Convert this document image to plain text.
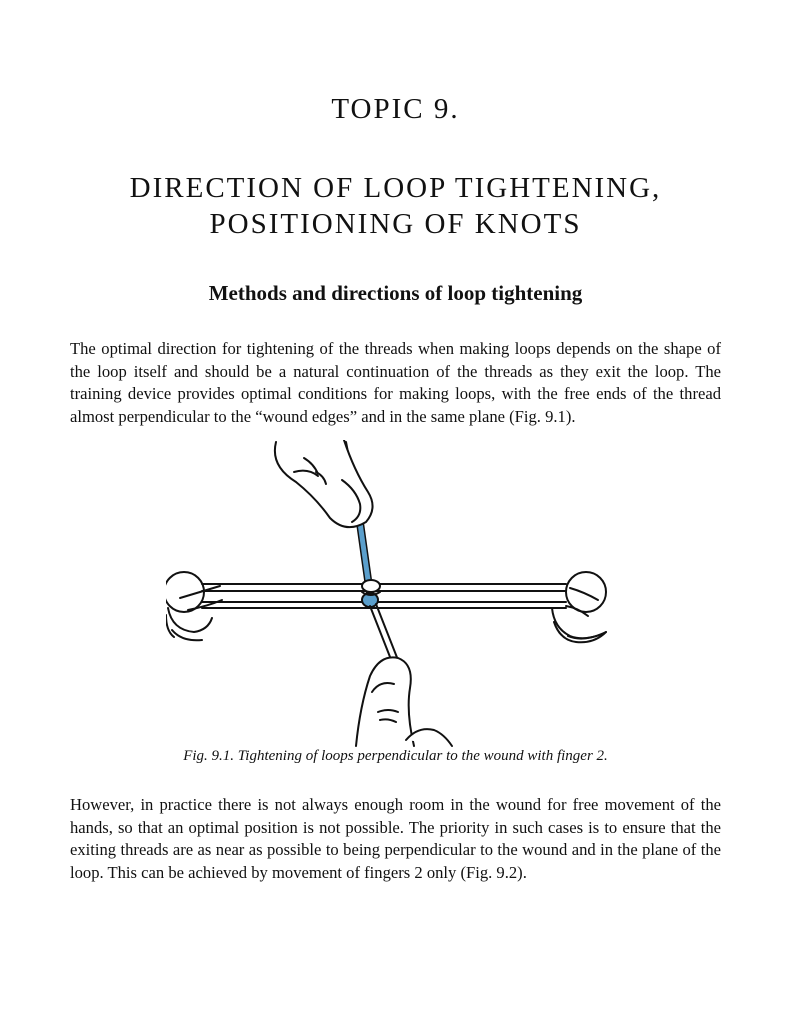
TOPIC 9.
DIRECTION OF LOOP TIGHTENING,
POSITIONING OF KNOTS
Methods and directions of loop tightening

The optimal direction for tightening of the threads when making loops depends on the shape of the loop itself and should be a natural continuation of the threads as they exit the loop. The training device provides optimal conditions for making loops, with the free ends of the thread almost perpendicular to the “wound edges” and in the same plane (Fig. 9.1).

Fig. 9.1. Tightening of loops perpendicular to the wound with finger 2.

However, in practice there is not always enough room in the wound for free movement of the hands, so that an optimal position is not possible. The priority in such cases is to ensure that the exiting threads are as near as possible to being perpendicular to the wound and in the plane of the loop. This can be achieved by movement of fingers 2 only (Fig. 9.2).
